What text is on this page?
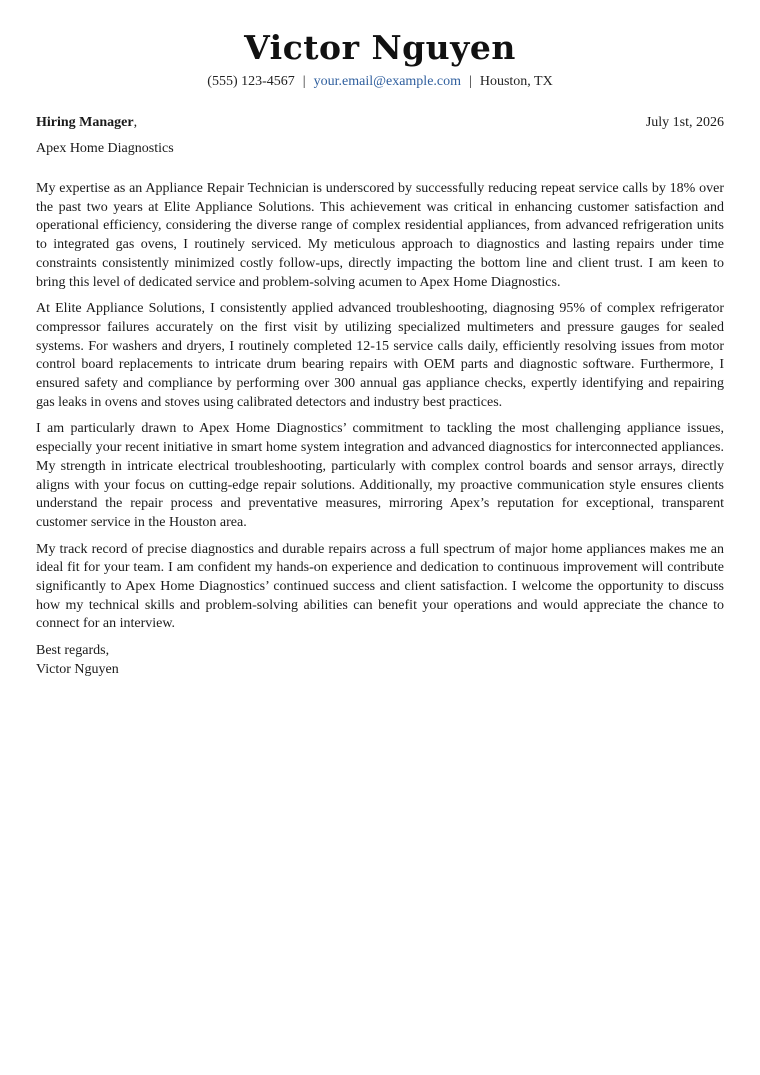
Victor Nguyen
(555) 123-4567 | your.email@example.com | Houston, TX
Hiring Manager,	July 1st, 2026
Apex Home Diagnostics

My expertise as an Appliance Repair Technician is underscored by successfully reducing repeat service calls by 18% over the past two years at Elite Appliance Solutions. This achievement was critical in enhancing customer satisfaction and operational efficiency, considering the diverse range of complex residential appliances, from advanced refrigeration units to integrated gas ovens, I routinely serviced. My meticulous approach to diagnostics and lasting repairs under time constraints consistently minimized costly follow-ups, directly impacting the bottom line and client trust. I am keen to bring this level of dedicated service and problem-solving acumen to Apex Home Diagnostics.

At Elite Appliance Solutions, I consistently applied advanced troubleshooting, diagnosing 95% of complex refrigerator compressor failures accurately on the first visit by utilizing specialized multimeters and pressure gauges for sealed systems. For washers and dryers, I routinely completed 12-15 service calls daily, efficiently resolving issues from motor control board replacements to intricate drum bearing repairs with OEM parts and diagnostic software. Furthermore, I ensured safety and compliance by performing over 300 annual gas appliance checks, expertly identifying and repairing gas leaks in ovens and stoves using calibrated detectors and industry best practices.

I am particularly drawn to Apex Home Diagnostics’ commitment to tackling the most challenging appliance issues, especially your recent initiative in smart home system integration and advanced diagnostics for interconnected appliances. My strength in intricate electrical troubleshooting, particularly with complex control boards and sensor arrays, directly aligns with your focus on cutting-edge repair solutions. Additionally, my proactive communication style ensures clients understand the repair process and preventative measures, mirroring Apex’s reputation for exceptional, transparent customer service in the Houston area.

My track record of precise diagnostics and durable repairs across a full spectrum of major home appliances makes me an ideal fit for your team. I am confident my hands-on experience and dedication to continuous improvement will contribute significantly to Apex Home Diagnostics’ continued success and client satisfaction. I welcome the opportunity to discuss how my technical skills and problem-solving abilities can benefit your operations and would appreciate the chance to connect for an interview.

Best regards,
Victor Nguyen
